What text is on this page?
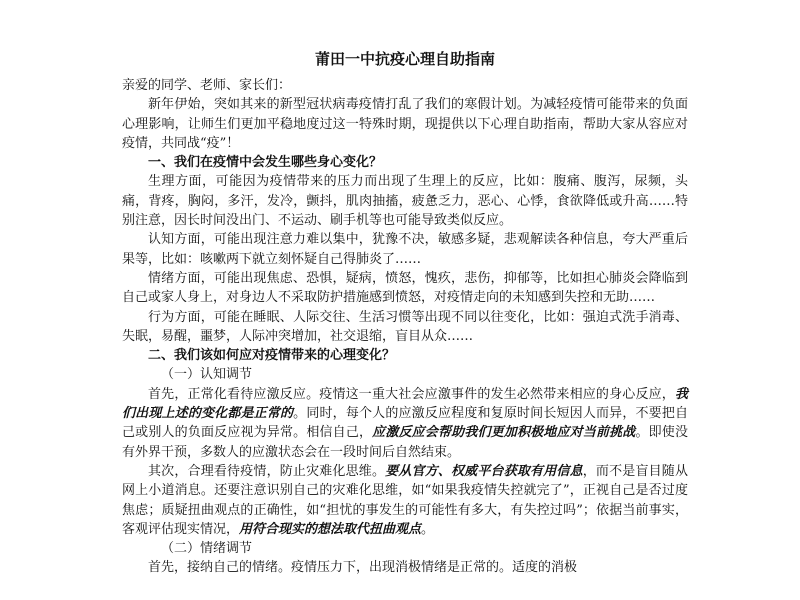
莆田一中抗疫心理自助指南

亲爱的同学、老师、家长们：

新年伊始，突如其来的新型冠状病毒疫情打乱了我们的寒假计划。为减轻疫情可能带来的负面心理影响，让师生们更加平稳地度过这一特殊时期，现提供以下心理自助指南，帮助大家从容应对疫情，共同战“疫”！

一、我们在疫情中会发生哪些身心变化？

生理方面，可能因为疫情带来的压力而出现了生理上的反应，比如：腹痛、腹泻，尿频，头痛，背疼，胸闷，多汗，发冷，颤抖，肌肉抽搐，疲惫乏力，恶心、心悸，食欲降低或升高……特别注意，因长时间没出门、不运动、刷手机等也可能导致类似反应。

认知方面，可能出现注意力难以集中，犹豫不决，敏感多疑，悲观解读各种信息，夸大严重后果等，比如：咳嗽两下就立刻怀疑自己得肺炎了……

情绪方面，可能出现焦虑、恐惧，疑病，愤怒，愧疚，悲伤，抑郁等，比如担心肺炎会降临到自己或家人身上，对身边人不采取防护措施感到愤怒，对疫情走向的未知感到失控和无助……

行为方面，可能在睡眠、人际交往、生活习惯等出现不同以往变化，比如：强迫式洗手消毒、失眠，易醒，噩梦，人际冲突增加，社交退缩，盲目从众……

二、我们该如何应对疫情带来的心理变化？

（一）认知调节

首先，正常化看待应激反应。疫情这一重大社会应激事件的发生必然带来相应的身心反应，我们出现上述的变化都是正常的。同时，每个人的应激反应程度和复原时间长短因人而异，不要把自己或别人的负面反应视为异常。相信自己，应激反应会帮助我们更加积极地应对当前挑战。即使没有外界干预，多数人的应激状态会在一段时间后自然结束。

其次，合理看待疫情，防止灾难化思维。要从官方、权威平台获取有用信息，而不是盲目随从网上小道消息。还要注意识别自己的灾难化思维，如“如果我疫情失控就完了”，正视自己是否过度焦虑；质疑扭曲观点的正确性，如“担忧的事发生的可能性有多大，有失控过吗”；依据当前事实，客观评估现实情况，用符合现实的想法取代扭曲观点。

（二）情绪调节

首先，接纳自己的情绪。疫情压力下，出现消极情绪是正常的。适度的消极
